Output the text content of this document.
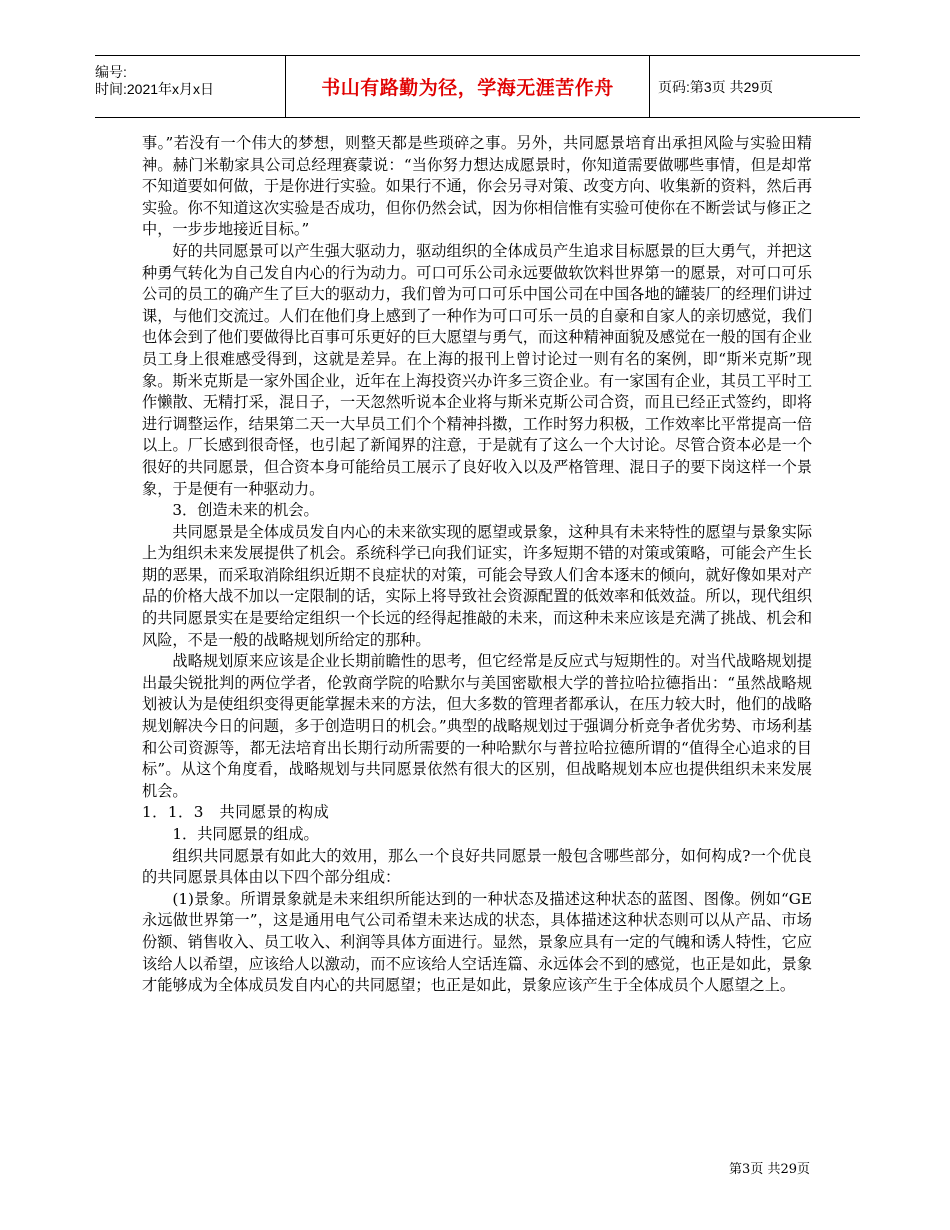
编号:
时间:2021年x月x日	书山有路勤为径，学海无涯苦作舟	页码:第3页 共29页

事。”若没有一个伟大的梦想，则整天都是些琐碎之事。另外，共同愿景培育出承担风险与实验田精神。赫门米勒家具公司总经理赛蒙说：“当你努力想达成愿景时，你知道需要做哪些事情，但是却常不知道要如何做，于是你进行实验。如果行不通，你会另寻对策、改变方向、收集新的资料，然后再实验。你不知道这次实验是否成功，但你仍然会试，因为你相信惟有实验可使你在不断尝试与修正之中，一步步地接近目标。”

好的共同愿景可以产生强大驱动力，驱动组织的全体成员产生追求目标愿景的巨大勇气，并把这种勇气转化为自己发自内心的行为动力。可口可乐公司永远要做软饮料世界第一的愿景，对可口可乐公司的员工的确产生了巨大的驱动力，我们曾为可口可乐中国公司在中国各地的罐装厂的经理们讲过课，与他们交流过。人们在他们身上感到了一种作为可口可乐一员的自豪和自家人的亲切感觉，我们也体会到了他们要做得比百事可乐更好的巨大愿望与勇气，而这种精神面貌及感觉在一般的国有企业员工身上很难感受得到，这就是差异。在上海的报刊上曾讨论过一则有名的案例，即“斯米克斯”现象。斯米克斯是一家外国企业，近年在上海投资兴办许多三资企业。有一家国有企业，其员工平时工作懒散、无精打采，混日子，一天忽然听说本企业将与斯米克斯公司合资，而且已经正式签约，即将进行调整运作，结果第二天一大早员工们个个精神抖擞，工作时努力积极，工作效率比平常提高一倍以上。厂长感到很奇怪，也引起了新闻界的注意，于是就有了这么一个大讨论。尽管合资本必是一个很好的共同愿景，但合资本身可能给员工展示了良好收入以及严格管理、混日子的要下岗这样一个景象，于是便有一种驱动力。

3．创造未来的机会。

共同愿景是全体成员发自内心的未来欲实现的愿望或景象，这种具有未来特性的愿望与景象实际上为组织未来发展提供了机会。系统科学已向我们证实，许多短期不错的对策或策略，可能会产生长期的恶果，而采取消除组织近期不良症状的对策，可能会导致人们舍本逐末的倾向，就好像如果对产品的价格大战不加以一定限制的话，实际上将导致社会资源配置的低效率和低效益。所以，现代组织的共同愿景实在是要给定组织一个长远的经得起推敲的未来，而这种未来应该是充满了挑战、机会和风险，不是一般的战略规划所给定的那种。

战略规划原来应该是企业长期前瞻性的思考，但它经常是反应式与短期性的。对当代战略规划提出最尖锐批判的两位学者，伦敦商学院的哈默尔与美国密歇根大学的普拉哈拉德指出：“虽然战略规划被认为是使组织变得更能掌握未来的方法，但大多数的管理者都承认，在压力较大时，他们的战略规划解决今日的问题，多于创造明日的机会。”典型的战略规划过于强调分析竞争者优劣势、市场利基和公司资源等，都无法培育出长期行动所需要的一种哈默尔与普拉哈拉德所谓的“值得全心追求的目标”。从这个角度看，战略规划与共同愿景依然有很大的区别，但战略规划本应也提供组织未来发展机会。

1．1．3　共同愿景的构成

1．共同愿景的组成。

组织共同愿景有如此大的效用，那么一个良好共同愿景一般包含哪些部分，如何构成?一个优良的共同愿景具体由以下四个部分组成：

(1)景象。所谓景象就是未来组织所能达到的一种状态及描述这种状态的蓝图、图像。例如“GE永远做世界第一”，这是通用电气公司希望未来达成的状态，具体描述这种状态则可以从产品、市场份额、销售收入、员工收入、利润等具体方面进行。显然，景象应具有一定的气魄和诱人特性，它应该给人以希望，应该给人以激动，而不应该给人空话连篇、永远体会不到的感觉，也正是如此，景象才能够成为全体成员发自内心的共同愿望；也正是如此，景象应该产生于全体成员个人愿望之上。

第3页 共29页
